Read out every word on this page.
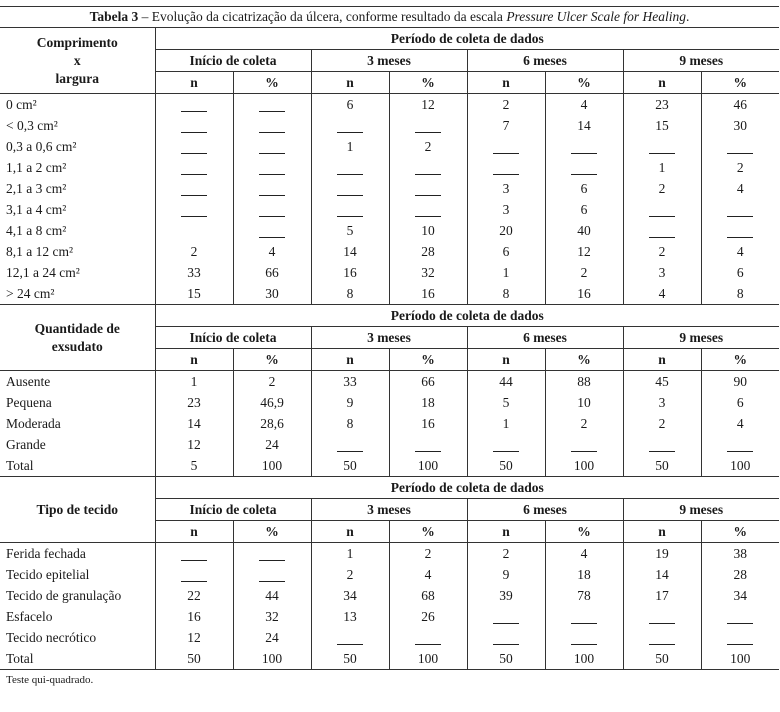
Tabela 3 – Evolução da cicatrização da úlcera, conforme resultado da escala Pressure Ulcer Scale for Healing.
Comprimento
x
largura	Período de coleta de dados							
	Início de coleta		3 meses		6 meses		9 meses	
	n	%	n	%	n	%	n	%
0 cm²			6	12	2	4	23	46
< 0,3 cm²					7	14	15	30
0,3 a 0,6 cm²			1	2				
1,1 a 2 cm²							1	2
2,1 a 3 cm²					3	6	2	4
3,1 a 4 cm²					3	6		
4,1 a 8 cm²			5	10	20	40		
8,1 a 12 cm²	2	4	14	28	6	12	2	4
12,1 a 24 cm²	33	66	16	32	1	2	3	6
> 24 cm²	15	30	8	16	8	16	4	8
Quantidade de
exsudato	Período de coleta de dados							
	Início de coleta		3 meses		6 meses		9 meses	
	n	%	n	%	n	%	n	%
Ausente	1	2	33	66	44	88	45	90
Pequena	23	46,9	9	18	5	10	3	6
Moderada	14	28,6	8	16	1	2	2	4
Grande	12	24						
Total	5	100	50	100	50	100	50	100
Tipo de tecido	Período de coleta de dados							
	Início de coleta		3 meses		6 meses		9 meses	
	n	%	n	%	n	%	n	%
Ferida fechada			1	2	2	4	19	38
Tecido epitelial			2	4	9	18	14	28
Tecido de granulação	22	44	34	68	39	78	17	34
Esfacelo	16	32	13	26				
Tecido necrótico	12	24						
Total	50	100	50	100	50	100	50	100
Teste qui-quadrado.
